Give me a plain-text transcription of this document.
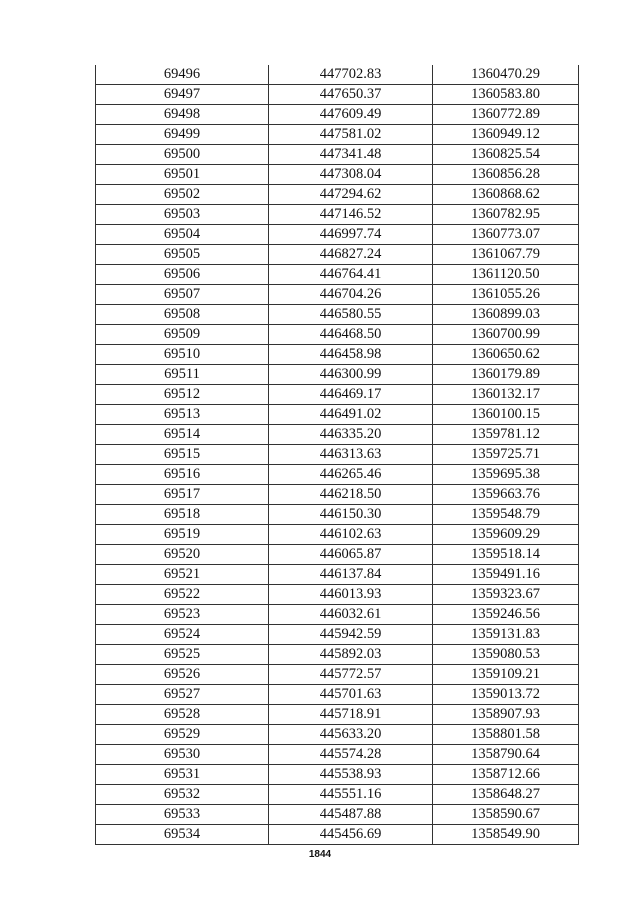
69496	447702.83	1360470.29
69497	447650.37	1360583.80
69498	447609.49	1360772.89
69499	447581.02	1360949.12
69500	447341.48	1360825.54
69501	447308.04	1360856.28
69502	447294.62	1360868.62
69503	447146.52	1360782.95
69504	446997.74	1360773.07
69505	446827.24	1361067.79
69506	446764.41	1361120.50
69507	446704.26	1361055.26
69508	446580.55	1360899.03
69509	446468.50	1360700.99
69510	446458.98	1360650.62
69511	446300.99	1360179.89
69512	446469.17	1360132.17
69513	446491.02	1360100.15
69514	446335.20	1359781.12
69515	446313.63	1359725.71
69516	446265.46	1359695.38
69517	446218.50	1359663.76
69518	446150.30	1359548.79
69519	446102.63	1359609.29
69520	446065.87	1359518.14
69521	446137.84	1359491.16
69522	446013.93	1359323.67
69523	446032.61	1359246.56
69524	445942.59	1359131.83
69525	445892.03	1359080.53
69526	445772.57	1359109.21
69527	445701.63	1359013.72
69528	445718.91	1358907.93
69529	445633.20	1358801.58
69530	445574.28	1358790.64
69531	445538.93	1358712.66
69532	445551.16	1358648.27
69533	445487.88	1358590.67
69534	445456.69	1358549.90
1844
